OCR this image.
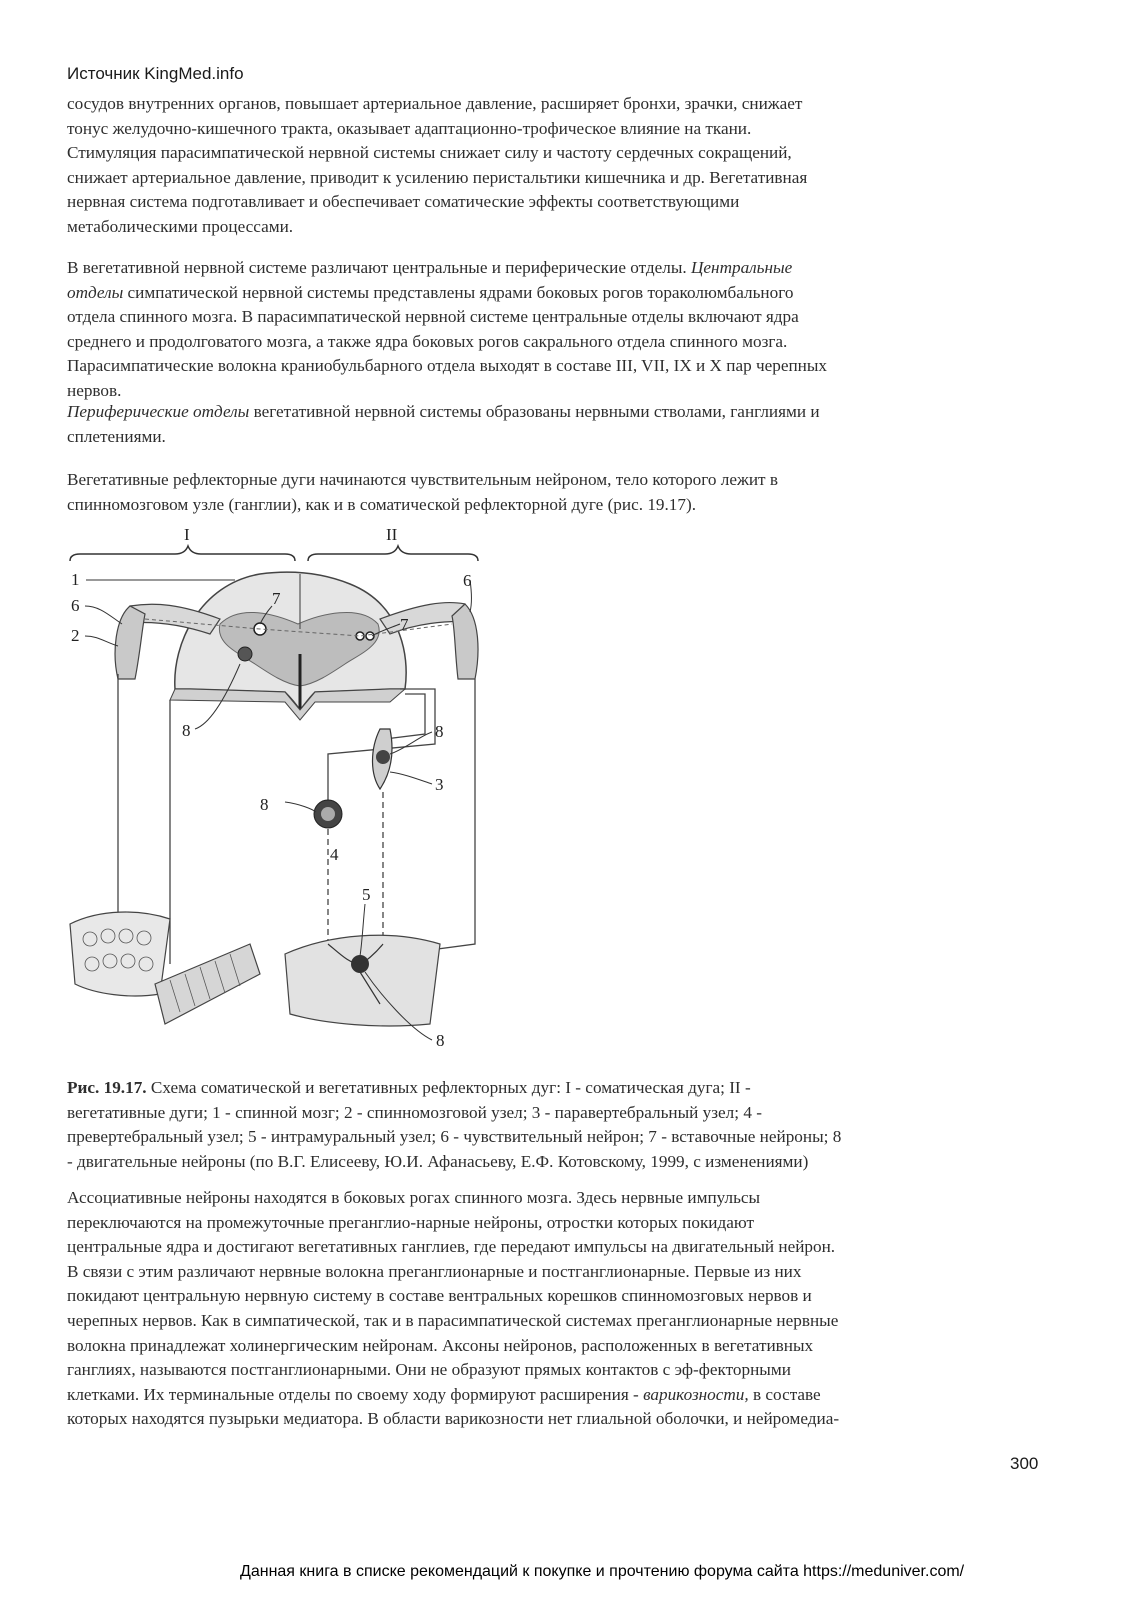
Источник KingMed.info
сосудов внутренних органов, повышает артериальное давление, расширяет бронхи, зрачки, снижает
тонус желудочно-кишечного тракта, оказывает адаптационно-трофическое влияние на ткани.
Стимуляция парасимпатической нервной системы снижает силу и частоту сердечных сокращений,
снижает артериальное давление, приводит к усилению перистальтики кишечника и др. Вегетативная
нервная система подготавливает и обеспечивает соматические эффекты соответствующими
метаболическими процессами.
В вегетативной нервной системе различают центральные и периферические отделы. Центральные
отделы симпатической нервной системы представлены ядрами боковых рогов тораколюмбального
отдела спинного мозга. В парасимпатической нервной системе центральные отделы включают ядра
среднего и продолговатого мозга, а также ядра боковых рогов сакрального отдела спинного мозга.
Парасимпатические волокна краниобульбарного отдела выходят в составе III, VII, IX и X пар черепных
нервов.
Периферические отделы вегетативной нервной системы образованы нервными стволами, ганглиями и
сплетениями.
Вегетативные рефлекторные дуги начинаются чувствительным нейроном, тело которого лежит в
спинномозговом узле (ганглии), как и в соматической рефлекторной дуге (рис. 19.17).
I	II
1
6
2
7
7
6
8	8
3
8
4
5
8
Рис. 19.17. Схема соматической и вегетативных рефлекторных дуг: I - соматическая дуга; II -
вегетативные дуги; 1 - спинной мозг; 2 - спинномозговой узел; 3 - паравертебральный узел; 4 -
превертебральный узел; 5 - интрамуральный узел; 6 - чувствительный нейрон; 7 - вставочные нейроны; 8
- двигательные нейроны (по В.Г. Елисееву, Ю.И. Афанасьеву, Е.Ф. Котовскому, 1999, с изменениями)
Ассоциативные нейроны находятся в боковых рогах спинного мозга. Здесь нервные импульсы
переключаются на промежуточные преганглио-нарные нейроны, отростки которых покидают
центральные ядра и достигают вегетативных ганглиев, где передают импульсы на двигательный нейрон.
В связи с этим различают нервные волокна преганглионарные и постганглионарные. Первые из них
покидают центральную нервную систему в составе вентральных корешков спинномозговых нервов и
черепных нервов. Как в симпатической, так и в парасимпатической системах преганглионарные нервные
волокна принадлежат холинергическим нейронам. Аксоны нейронов, расположенных в вегетативных
ганглиях, называются постганглионарными. Они не образуют прямых контактов с эф-фекторными
клетками. Их терминальные отделы по своему ходу формируют расширения - варикозности, в составе
которых находятся пузырьки медиатора. В области варикозности нет глиальной оболочки, и нейромедиа-
300
Данная книга в списке рекомендаций к покупке и прочтению форума сайта https://meduniver.com/
